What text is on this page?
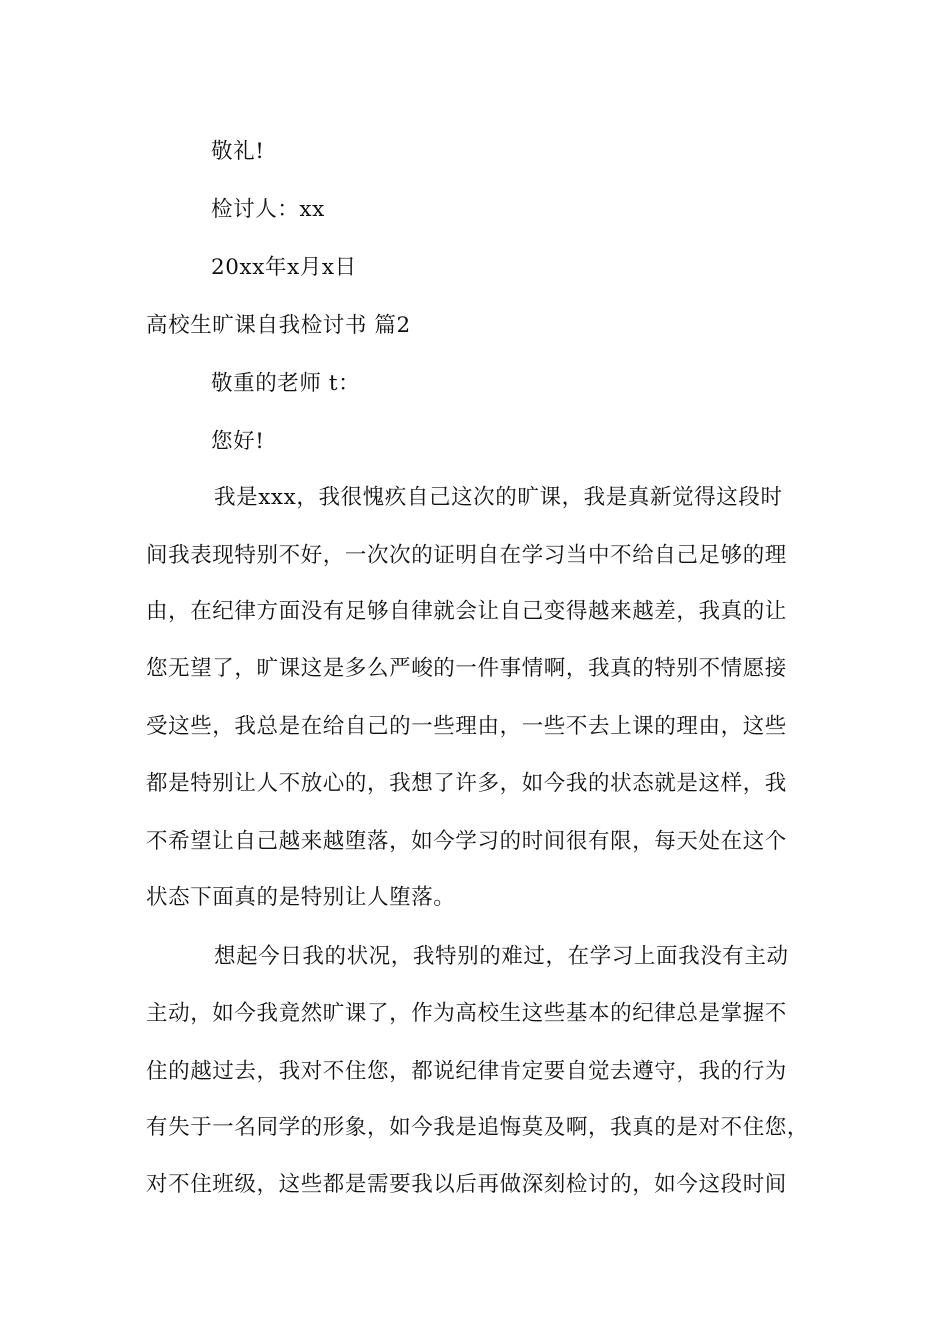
敬礼!
检讨人：xx
20xx年x月x日
高校生旷课自我检讨书 篇2
敬重的老师 t：
您好!
我是xxx，我很愧疚自己这次的旷课，我是真新觉得这段时
间我表现特别不好，一次次的证明自在学习当中不给自己足够的理
由，在纪律方面没有足够自律就会让自己变得越来越差，我真的让
您无望了，旷课这是多么严峻的一件事情啊，我真的特别不情愿接
受这些，我总是在给自己的一些理由，一些不去上课的理由，这些
都是特别让人不放心的，我想了许多，如今我的状态就是这样，我
不希望让自己越来越堕落，如今学习的时间很有限，每天处在这个
状态下面真的是特别让人堕落。
想起今日我的状况，我特别的难过，在学习上面我没有主动
主动，如今我竟然旷课了，作为高校生这些基本的纪律总是掌握不
住的越过去，我对不住您，都说纪律肯定要自觉去遵守，我的行为
有失于一名同学的形象，如今我是追悔莫及啊，我真的是对不住您，
对不住班级，这些都是需要我以后再做深刻检讨的，如今这段时间
